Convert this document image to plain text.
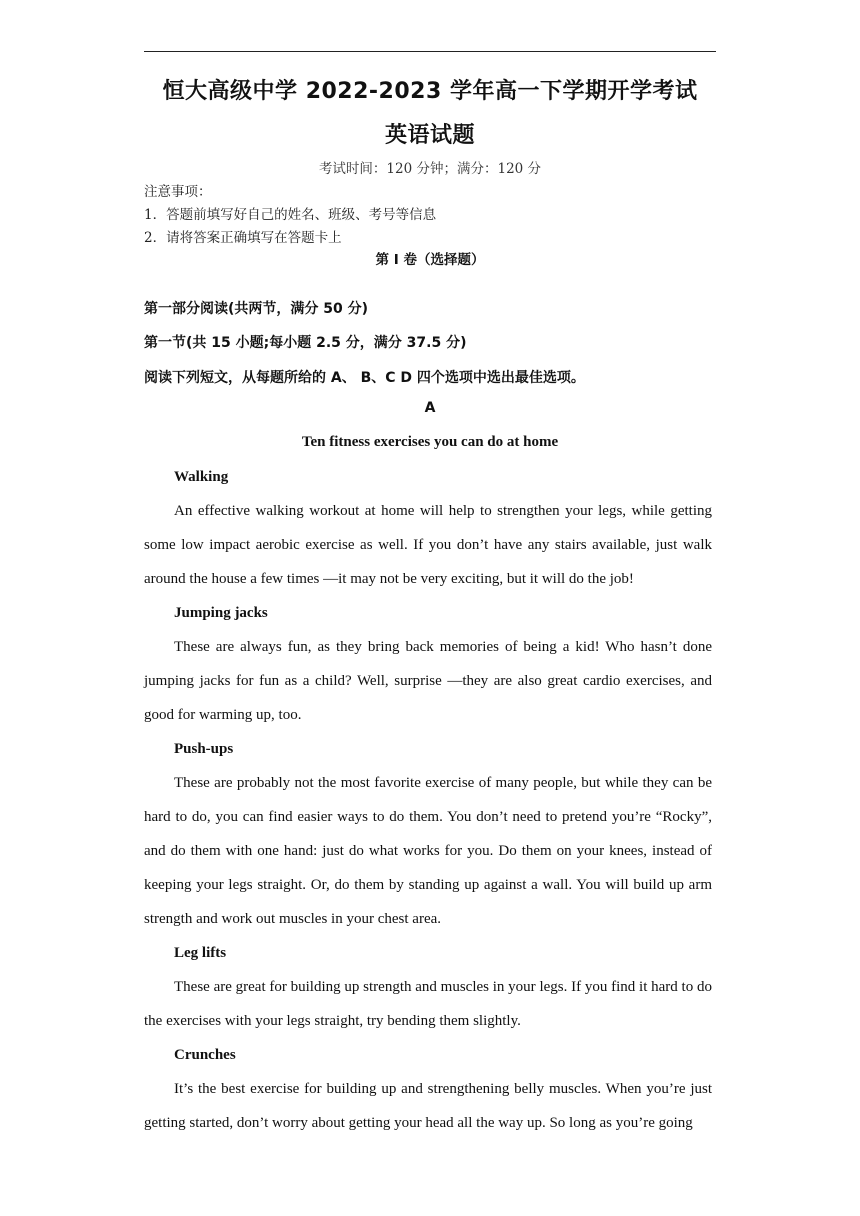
恒大高级中学 2022-2023 学年高一下学期开学考试
英语试题
考试时间：120 分钟；满分：120 分
注意事项：
1．答题前填写好自己的姓名、班级、考号等信息
2．请将答案正确填写在答题卡上
第 I 卷（选择题）
第一部分阅读(共两节，满分 50 分)
第一节(共 15 小题;每小题 2.5 分，满分 37.5 分)
阅读下列短文，从每题所给的 A、 B、C D 四个选项中选出最佳选项。
A
Ten fitness exercises you can do at home
Walking

An effective walking workout at home will help to strengthen your legs, while getting some low impact aerobic exercise as well. If you don’t have any stairs available, just walk around the house a few times —it may not be very exciting, but it will do the job!

Jumping jacks

These are always fun, as they bring back memories of being a kid! Who hasn’t done jumping jacks for fun as a child? Well, surprise —they are also great cardio exercises, and good for warming up, too.

Push-ups

These are probably not the most favorite exercise of many people, but while they can be hard to do, you can find easier ways to do them. You don’t need to pretend you’re “Rocky”, and do them with one hand: just do what works for you. Do them on your knees, instead of keeping your legs straight. Or, do them by standing up against a wall. You will build up arm strength and work out muscles in your chest area.

Leg lifts

These are great for building up strength and muscles in your legs. If you find it hard to do the exercises with your legs straight, try bending them slightly.

Crunches

It’s the best exercise for building up and strengthening belly muscles. When you’re just getting started, don’t worry about getting your head all the way up. So long as you’re going
